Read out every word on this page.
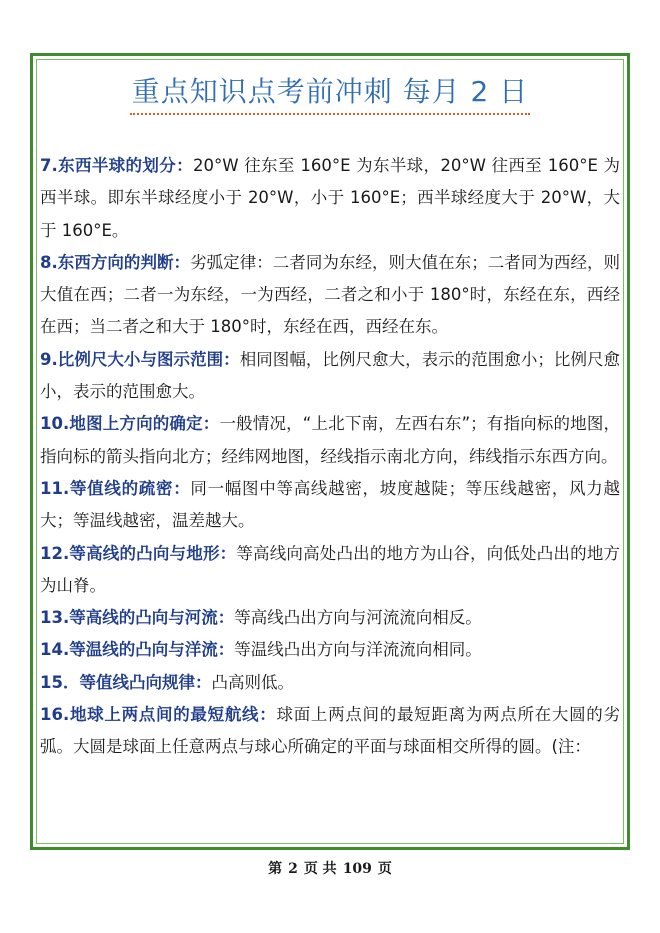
重点知识点考前冲刺 每月 2 日

7.东西半球的划分：20°W 往东至 160°E 为东半球，20°W 往西至 160°E 为西半球。即东半球经度小于 20°W，小于 160°E；西半球经度大于 20°W，大于 160°E。

8.东西方向的判断：劣弧定律：二者同为东经，则大值在东；二者同为西经，则大值在西；二者一为东经，一为西经，二者之和小于 180°时，东经在东，西经在西；当二者之和大于 180°时，东经在西，西经在东。

9.比例尺大小与图示范围：相同图幅，比例尺愈大，表示的范围愈小；比例尺愈小，表示的范围愈大。

10.地图上方向的确定：一般情况，“上北下南，左西右东”；有指向标的地图，指向标的箭头指向北方；经纬网地图，经线指示南北方向，纬线指示东西方向。

11.等值线的疏密：同一幅图中等高线越密，坡度越陡；等压线越密，风力越大；等温线越密，温差越大。

12.等高线的凸向与地形：等高线向高处凸出的地方为山谷，向低处凸出的地方为山脊。

13.等高线的凸向与河流：等高线凸出方向与河流流向相反。

14.等温线的凸向与洋流：等温线凸出方向与洋流流向相同。

15．等值线凸向规律：凸高则低。

16.地球上两点间的最短航线：球面上两点间的最短距离为两点所在大圆的劣弧。大圆是球面上任意两点与球心所确定的平面与球面相交所得的圆。(注：

第 2 页 共 109 页
